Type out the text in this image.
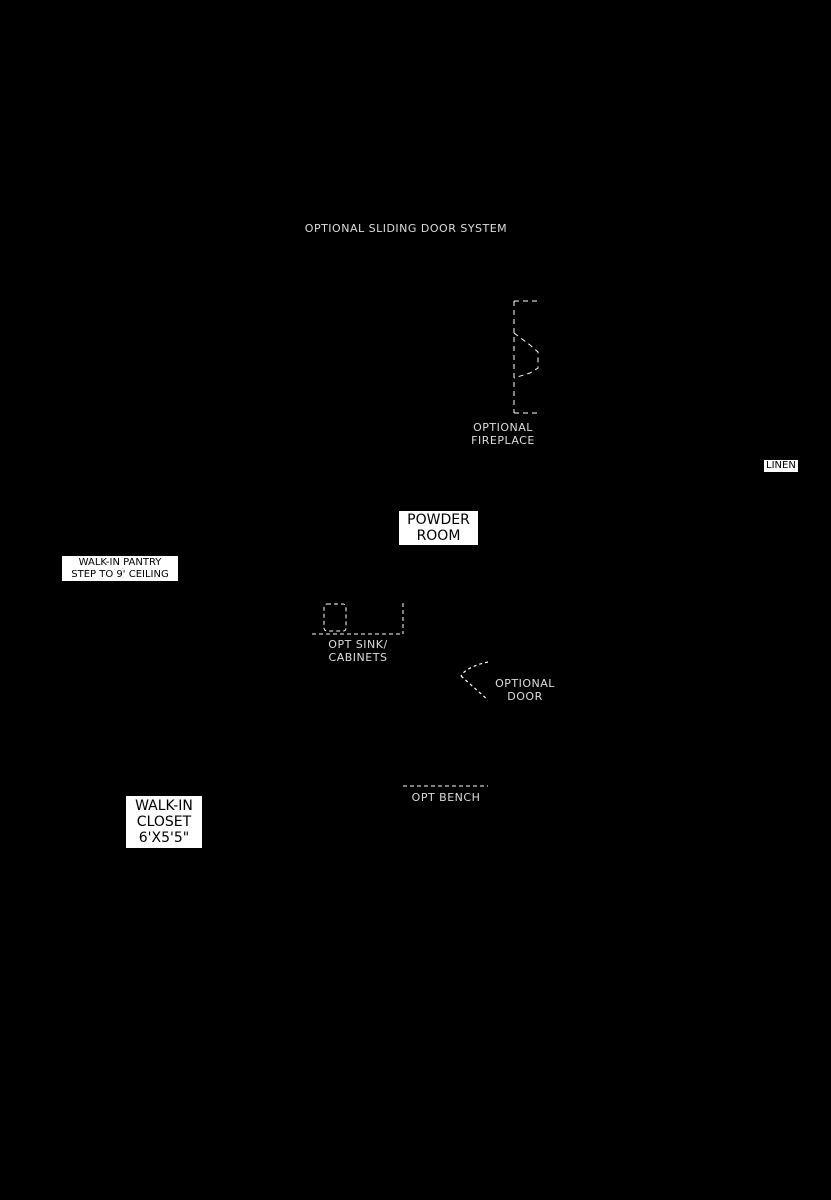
OPTIONAL SLIDING DOOR SYSTEM
OPTIONAL
FIREPLACE
LINEN
POWDER
ROOM
WALK-IN PANTRY
STEP TO 9' CEILING
OPT SINK/
CABINETS
OPTIONAL
DOOR
OPT BENCH
WALK-IN
CLOSET
6'X5'5"
